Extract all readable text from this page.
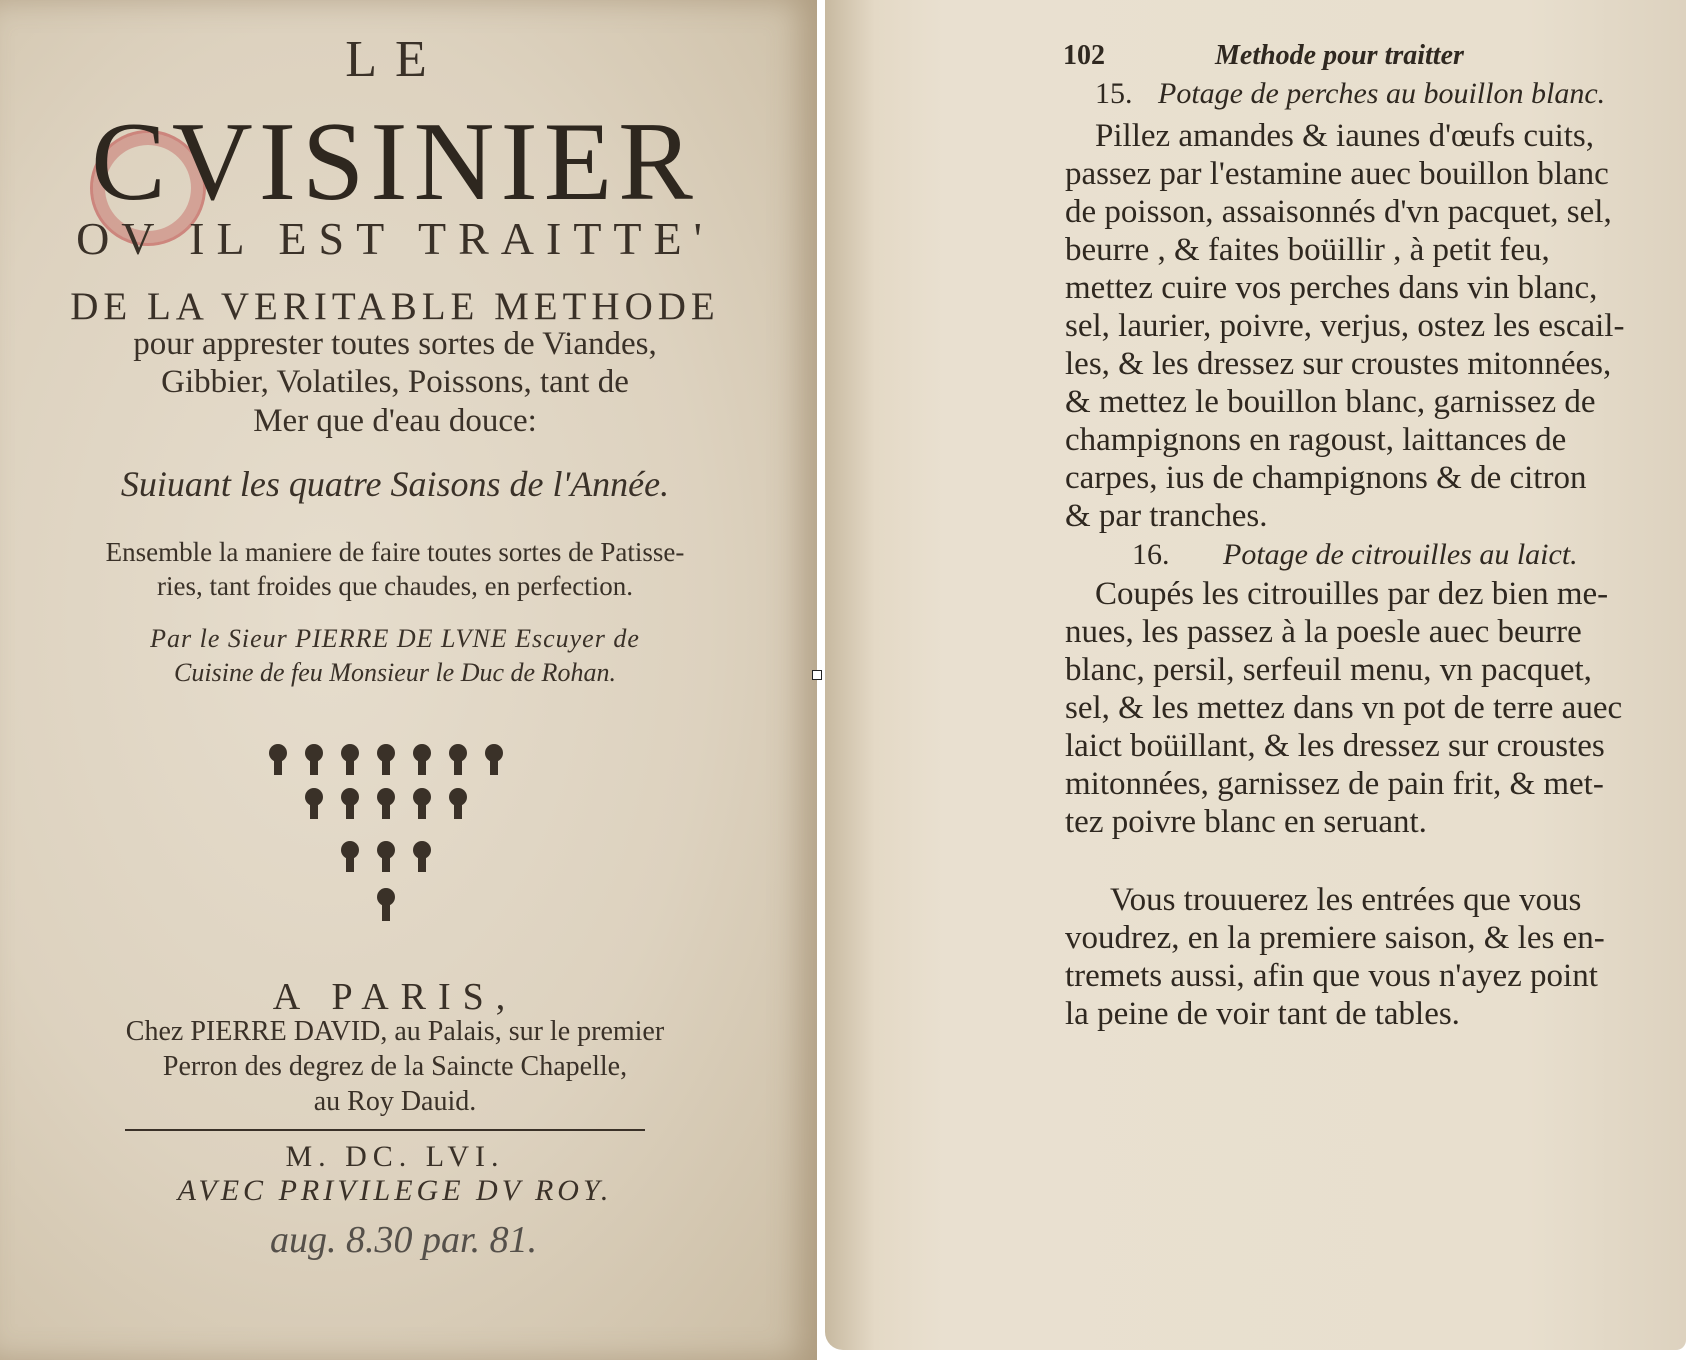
LE
CVISINIER
OV IL EST TRAITTE'
DE LA VERITABLE METHODE
pour apprester toutes sortes de Viandes,
Gibbier, Volatiles, Poissons, tant de
Mer que d'eau douce:
Suiuant les quatre Saisons de l'Année.
Ensemble la maniere de faire toutes sortes de Patisse-
ries, tant froides que chaudes, en perfection.
Par le Sieur PIERRE DE LVNE Escuyer de
Cuisine de feu Monsieur le Duc de Rohan.
A PARIS,
Chez PIERRE DAVID, au Palais, sur le premier
Perron des degrez de la Saincte Chapelle,
au Roy Dauid.
M. DC. LVI.
AVEC PRIVILEGE DV ROY.
aug. 8.30 par. 81.
102	Methode pour traitter
15. Potage de perches au bouillon blanc.
Pillez amandes & iaunes d'œufs cuits,
passez par l'estamine auec bouillon blanc
de poisson, assaisonnés d'vn pacquet, sel,
beurre , & faites boüillir , à petit feu,
mettez cuire vos perches dans vin blanc,
sel, laurier, poivre, verjus, ostez les escail-
les, & les dressez sur croustes mitonnées,
& mettez le bouillon blanc, garnissez de
champignons en ragoust, laittances de
carpes, ius de champignons & de citron
& par tranches.
16. Potage de citrouilles au laict.
Coupés les citrouilles par dez bien me-
nues, les passez à la poesle auec beurre
blanc, persil, serfeuil menu, vn pacquet,
sel, & les mettez dans vn pot de terre auec
laict boüillant, & les dressez sur croustes
mitonnées, garnissez de pain frit, & met-
tez poivre blanc en seruant.
Vous trouuerez les entrées que vous
voudrez, en la premiere saison, & les en-
tremets aussi, afin que vous n'ayez point
la peine de voir tant de tables.
